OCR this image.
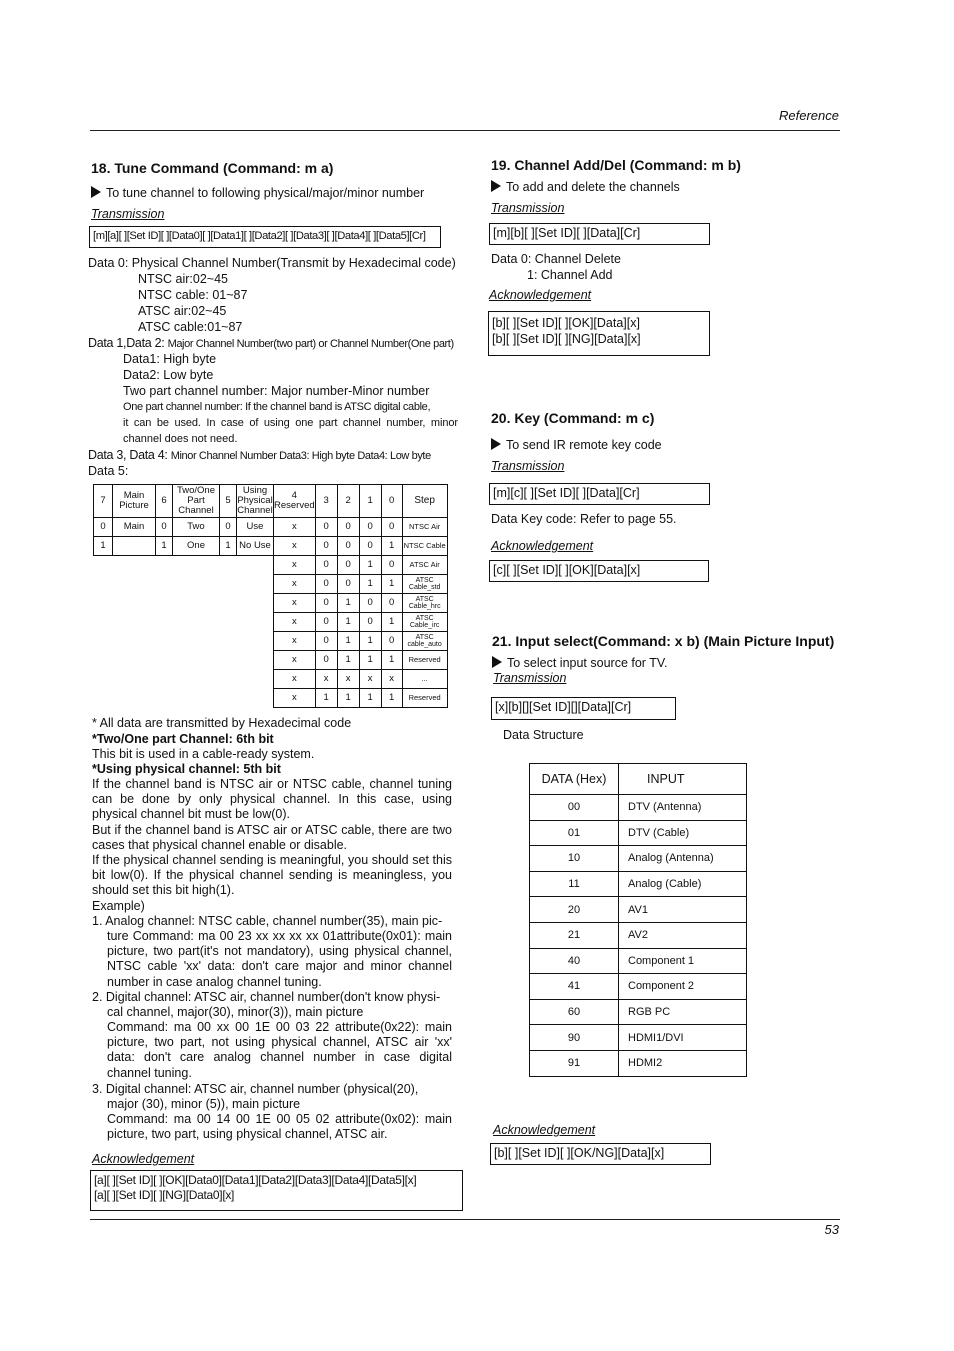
Reference
53
18. Tune Command (Command: m a)
To tune channel to following physical/major/minor number
Transmission
[m][a][ ][Set ID][ ][Data0][ ][Data1][ ][Data2][ ][Data3][ ][Data4][ ][Data5][Cr]
Data 0: Physical Channel Number(Transmit by Hexadecimal code)
NTSC air:02~45
NTSC cable: 01~87
ATSC air:02~45
ATSC cable:01~87
Data 1,Data 2: Major Channel Number(two part) or Channel Number(One part)
Data1: High byte
Data2: Low byte
Two part channel number: Major number-Minor number
One part channel number: If the channel band is ATSC digital cable,
it can be used. In case of using one part channel number, minor
channel does not need.
Data 3, Data 4: Minor Channel Number Data3: High byte Data4: Low byte
Data 5:
7	Main Picture	6	Two/One Part Channel	5	Using Physical Channel	4 Reserved	3	2	1	0	Step
0	Main	0	Two	0	Use	x	0	0	0	0	NTSC Air
1		1	One	1	No Use	x	0	0	0	1	NTSC Cable
						x	0	0	1	0	ATSC Air
						x	0	0	1	1	ATSC Cable_std
						x	0	1	0	0	ATSC Cable_hrc
						x	0	1	0	1	ATSC Cable_irc
						x	0	1	1	0	ATSC cable_auto
						x	0	1	1	1	Reserved
						x	x	x	x	x	...
						x	1	1	1	1	Reserved
* All data are transmitted by Hexadecimal code
*Two/One part Channel: 6th bit
This bit is used in a cable-ready system.
*Using physical channel: 5th bit
If the channel band is NTSC air or NTSC cable, channel tuning can be done by only physical channel. In this case, using physical channel bit must be low(0).
But if the channel band is ATSC air or ATSC cable, there are two cases that physical channel enable or disable.
If the physical channel sending is meaningful, you should set this bit low(0). If the physical channel sending is meaningless, you should set this bit high(1).
Example)
1. Analog channel: NTSC cable, channel number(35), main pic-
ture Command: ma 00 23 xx xx xx xx 01attribute(0x01): main picture, two part(it's not mandatory), using physical channel, NTSC cable 'xx' data: don't care major and minor channel number in case analog channel tuning.
2. Digital channel: ATSC air, channel number(don't know physi-
cal channel, major(30), minor(3)), main picture
Command: ma 00 xx 00 1E 00 03 22 attribute(0x22): main picture, two part, not using physical channel, ATSC air 'xx' data: don't care analog channel number in case digital channel tuning.
3. Digital channel: ATSC air, channel number (physical(20),
major (30), minor (5)), main picture
Command: ma 00 14 00 1E 00 05 02 attribute(0x02): main picture, two part, using physical channel, ATSC air.
Acknowledgement
[a][ ][Set ID][ ][OK][Data0][Data1][Data2][Data3][Data4][Data5][x]
[a][ ][Set ID][ ][NG][Data0][x]
19. Channel Add/Del (Command: m b)
To add and delete the channels
Transmission
[m][b][ ][Set ID][ ][Data][Cr]
Data 0: Channel Delete
1: Channel Add
Acknowledgement
[b][ ][Set ID][ ][OK][Data][x]
[b][ ][Set ID][ ][NG][Data][x]
20. Key (Command: m c)
To send IR remote key code
Transmission
[m][c][ ][Set ID][ ][Data][Cr]
Data Key code: Refer to page 55.
Acknowledgement
[c][ ][Set ID][ ][OK][Data][x]
21. Input select(Command: x b) (Main Picture Input)
To select input source for TV.
Transmission
[x][b][][Set ID][][Data][Cr]
Data Structure
DATA (Hex)	INPUT
00	DTV (Antenna)
01	DTV (Cable)
10	Analog (Antenna)
11	Analog (Cable)
20	AV1
21	AV2
40	Component 1
41	Component 2
60	RGB PC
90	HDMI1/DVI
91	HDMI2
Acknowledgement
[b][ ][Set ID][ ][OK/NG][Data][x]
